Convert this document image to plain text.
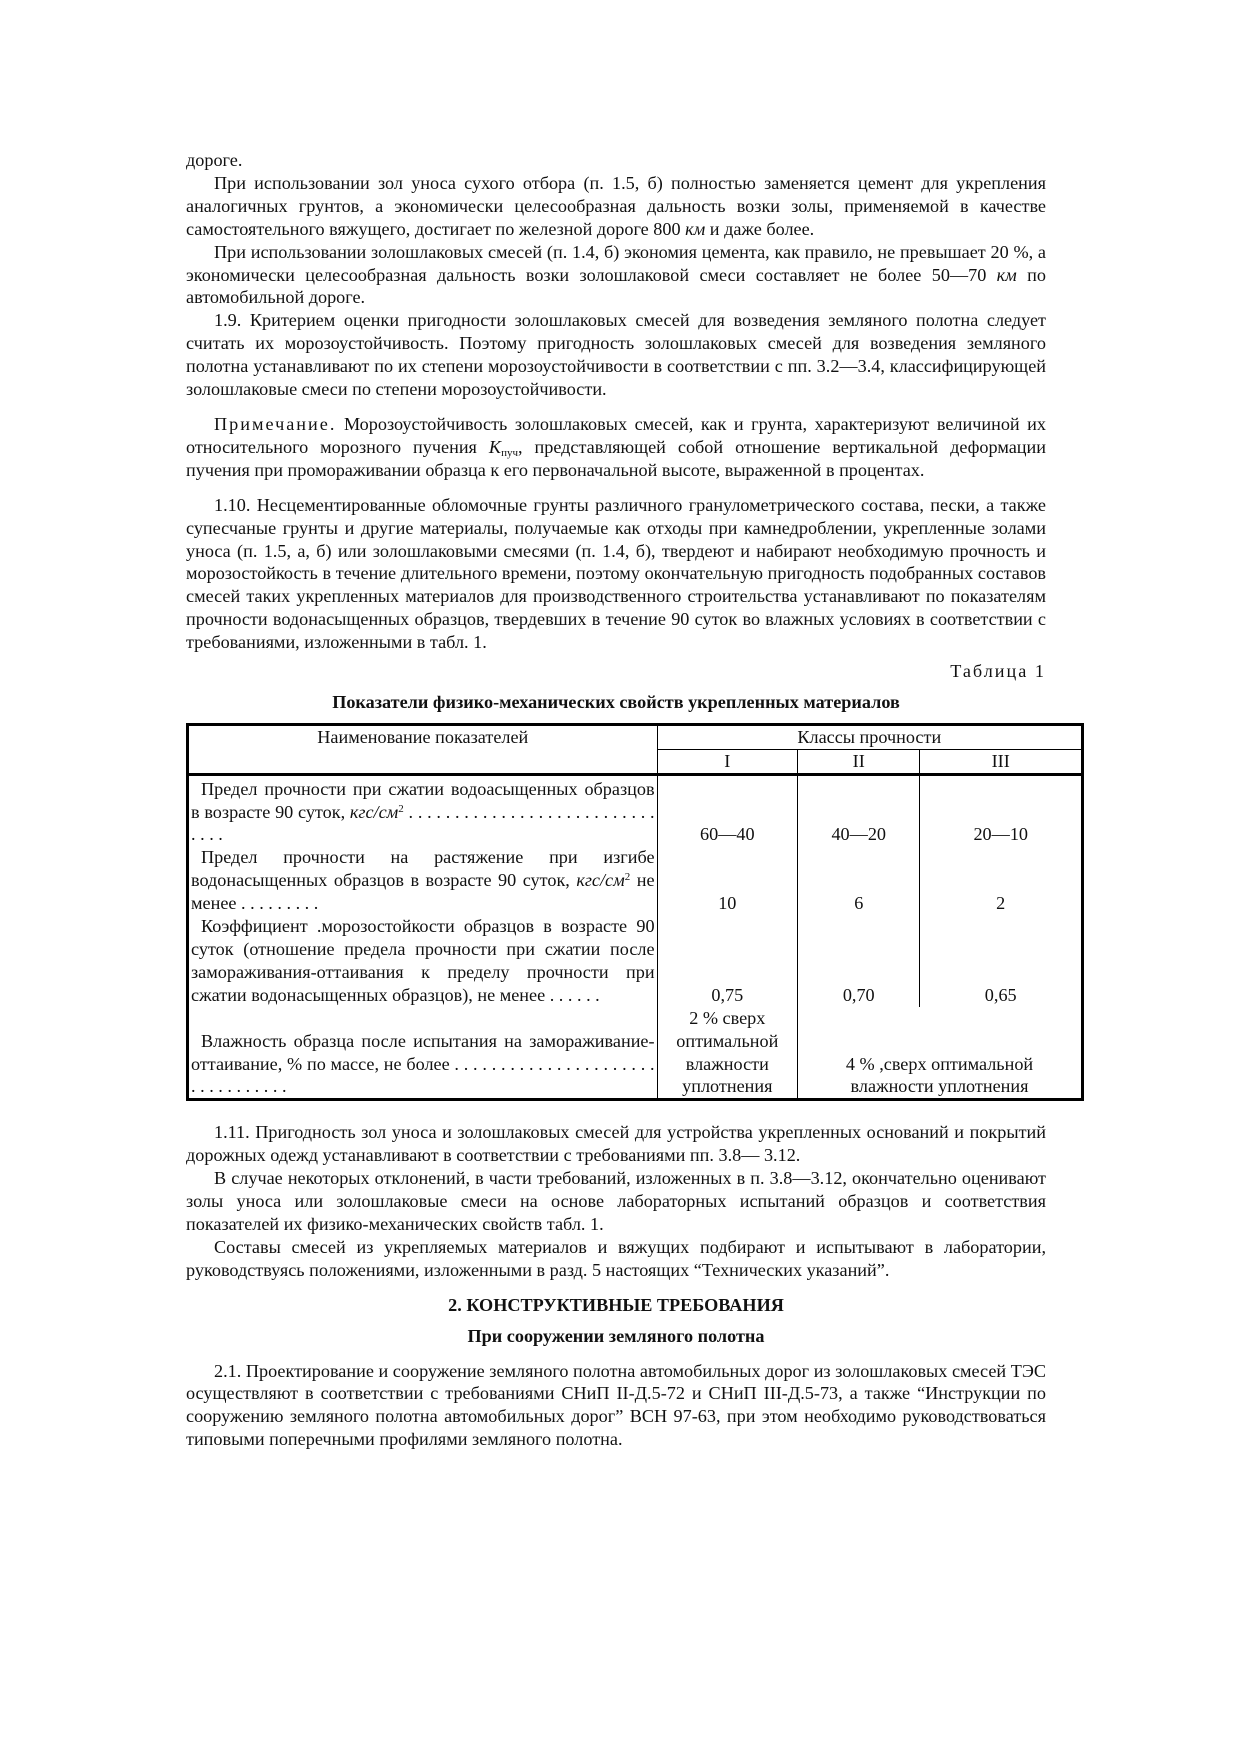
дороге.

При использовании зол уноса сухого отбора (п. 1.5, б) полностью заменяется цемент для укрепления аналогичных грунтов, а экономически целесообразная дальность возки золы, применяемой в качестве самостоятельного вяжущего, достигает по железной дороге 800 км и даже более.

При использовании золошлаковых смесей (п. 1.4, б) экономия цемента, как правило, не превышает 20 %, а экономически целесообразная дальность возки золошлаковой смеси составляет не более 50—70 км по автомобильной дороге.

1.9. Критерием оценки пригодности золошлаковых смесей для возведения земляного полотна следует считать их морозоустойчивость. Поэтому пригодность золошлаковых смесей для возведения земляного полотна устанавливают по их степени морозоустойчивости в соответствии с пп. 3.2—3.4, классифицирующей золошлаковые смеси по степени морозоустойчивости.

Примечание. Морозоустойчивость золошлаковых смесей, как и грунта, характеризуют величиной их относительного морозного пучения $K_{пуч}$, представляющей собой отношение вертикальной деформации пучения при промораживании образца к его первоначальной высоте, выраженной в процентах.

1.10. Несцементированные обломочные грунты различного гранулометрического состава, пески, а также супесчаные грунты и другие материалы, получаемые как отходы при камнедроблении, укрепленные золами уноса (п. 1.5, а, б) или золошлаковыми смесями (п. 1.4, б), твердеют и набирают необходимую прочность и морозостойкость в течение длительного времени, поэтому окончательную пригодность подобранных составов смесей таких укрепленных материалов для производственного строительства устанавливают по показателям прочности водонасыщенных образцов, твердевших в течение 90 суток во влажных условиях в соответствии с требованиями, изложенными в табл. 1.

Таблица 1

Показатели физико-механических свойств укрепленных материалов

Наименование показателей	Классы прочности		
	I	II	III
Предел прочности при сжатии водоасыщенных образцов в возрасте 90 суток, кгс/$см^2$ . . . . . . . . . . . . . . . . . . . . . . . . . . . . . . .	60—40	40—20	20—10
Предел прочности на растяжение при изгибе водонасыщенных образцов в возрасте 90 суток, кгс/$см^2$ не менее . . . . . . . . .	10	6	2
Коэффициент .морозостойкости образцов в возрасте 90 суток (отношение предела прочности при сжатии после замораживания-оттаивания к пределу прочности при сжатии водонасыщенных образцов), не менее . . . . . .	0,75	0,70	0,65
Влажность образца после испытания на замораживание-оттаивание, % по массе, не более . . . . . . . . . . . . . . . . . . . . . . . . . . . . . . . . .	2 % сверх оптимальной влажности уплотнения	4 % ,сверх оптимальной влажности уплотнения	

1.11. Пригодность зол уноса и золошлаковых смесей для устройства укрепленных оснований и покрытий дорожных одежд устанавливают в соответствии с требованиями пп. 3.8— 3.12.

В случае некоторых отклонений, в части требований, изложенных в п. 3.8—3.12, окончательно оценивают золы уноса или золошлаковые смеси на основе лабораторных испытаний образцов и соответствия показателей их физико-механических свойств табл. 1.

Составы смесей из укрепляемых материалов и вяжущих подбирают и испытывают в лаборатории, руководствуясь положениями, изложенными в разд. 5 настоящих “Технических указаний”.

2. КОНСТРУКТИВНЫЕ ТРЕБОВАНИЯ

При сооружении земляного полотна

2.1. Проектирование и сооружение земляного полотна автомобильных дорог из золошлаковых смесей ТЭС осуществляют в соответствии с требованиями СНиП II-Д.5-72 и СНиП III-Д.5-73, а также “Инструкции по сооружению земляного полотна автомобильных дорог” ВСН 97-63, при этом необходимо руководствоваться типовыми поперечными профилями земляного полотна.
